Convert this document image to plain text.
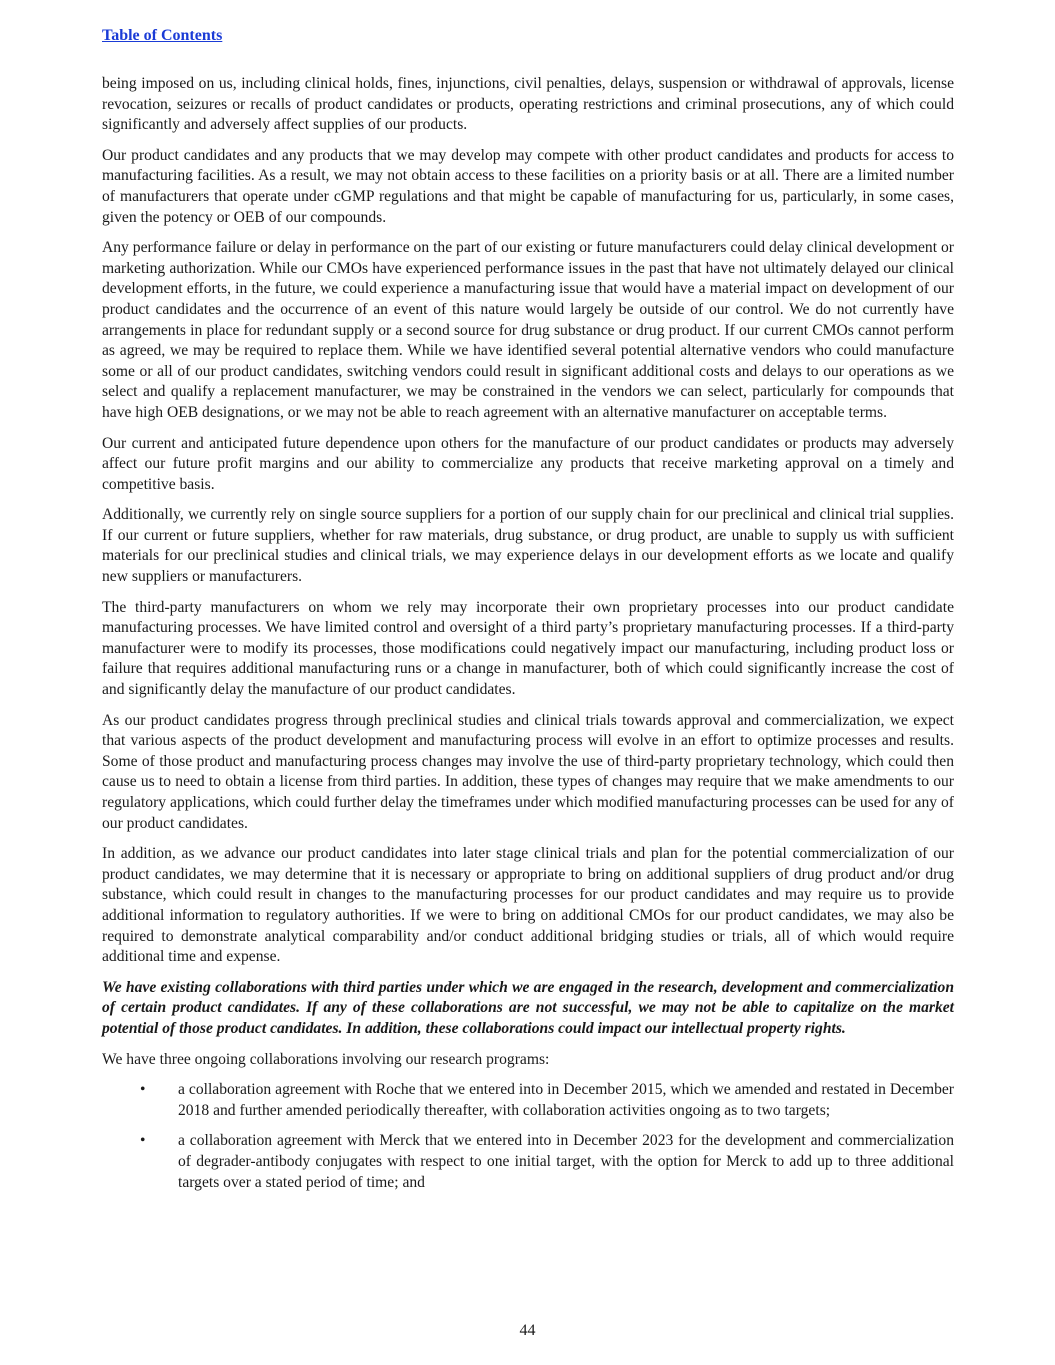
Table of Contents

being imposed on us, including clinical holds, fines, injunctions, civil penalties, delays, suspension or withdrawal of approvals, license revocation, seizures or recalls of product candidates or products, operating restrictions and criminal prosecutions, any of which could significantly and adversely affect supplies of our products.

Our product candidates and any products that we may develop may compete with other product candidates and products for access to manufacturing facilities. As a result, we may not obtain access to these facilities on a priority basis or at all. There are a limited number of manufacturers that operate under cGMP regulations and that might be capable of manufacturing for us, particularly, in some cases, given the potency or OEB of our compounds.

Any performance failure or delay in performance on the part of our existing or future manufacturers could delay clinical development or marketing authorization. While our CMOs have experienced performance issues in the past that have not ultimately delayed our clinical development efforts, in the future, we could experience a manufacturing issue that would have a material impact on development of our product candidates and the occurrence of an event of this nature would largely be outside of our control. We do not currently have arrangements in place for redundant supply or a second source for drug substance or drug product. If our current CMOs cannot perform as agreed, we may be required to replace them. While we have identified several potential alternative vendors who could manufacture some or all of our product candidates, switching vendors could result in significant additional costs and delays to our operations as we select and qualify a replacement manufacturer, we may be constrained in the vendors we can select, particularly for compounds that have high OEB designations, or we may not be able to reach agreement with an alternative manufacturer on acceptable terms.

Our current and anticipated future dependence upon others for the manufacture of our product candidates or products may adversely affect our future profit margins and our ability to commercialize any products that receive marketing approval on a timely and competitive basis.

Additionally, we currently rely on single source suppliers for a portion of our supply chain for our preclinical and clinical trial supplies. If our current or future suppliers, whether for raw materials, drug substance, or drug product, are unable to supply us with sufficient materials for our preclinical studies and clinical trials, we may experience delays in our development efforts as we locate and qualify new suppliers or manufacturers.

The third-party manufacturers on whom we rely may incorporate their own proprietary processes into our product candidate manufacturing processes. We have limited control and oversight of a third party’s proprietary manufacturing processes. If a third-party manufacturer were to modify its processes, those modifications could negatively impact our manufacturing, including product loss or failure that requires additional manufacturing runs or a change in manufacturer, both of which could significantly increase the cost of and significantly delay the manufacture of our product candidates.

As our product candidates progress through preclinical studies and clinical trials towards approval and commercialization, we expect that various aspects of the product development and manufacturing process will evolve in an effort to optimize processes and results. Some of those product and manufacturing process changes may involve the use of third-party proprietary technology, which could then cause us to need to obtain a license from third parties. In addition, these types of changes may require that we make amendments to our regulatory applications, which could further delay the timeframes under which modified manufacturing processes can be used for any of our product candidates.

In addition, as we advance our product candidates into later stage clinical trials and plan for the potential commercialization of our product candidates, we may determine that it is necessary or appropriate to bring on additional suppliers of drug product and/or drug substance, which could result in changes to the manufacturing processes for our product candidates and may require us to provide additional information to regulatory authorities. If we were to bring on additional CMOs for our product candidates, we may also be required to demonstrate analytical comparability and/or conduct additional bridging studies or trials, all of which would require additional time and expense.

We have existing collaborations with third parties under which we are engaged in the research, development and commercialization of certain product candidates. If any of these collaborations are not successful, we may not be able to capitalize on the market potential of those product candidates. In addition, these collaborations could impact our intellectual property rights.

We have three ongoing collaborations involving our research programs:

• a collaboration agreement with Roche that we entered into in December 2015, which we amended and restated in December 2018 and further amended periodically thereafter, with collaboration activities ongoing as to two targets;
• a collaboration agreement with Merck that we entered into in December 2023 for the development and commercialization of degrader-antibody conjugates with respect to one initial target, with the option for Merck to add up to three additional targets over a stated period of time; and
44
